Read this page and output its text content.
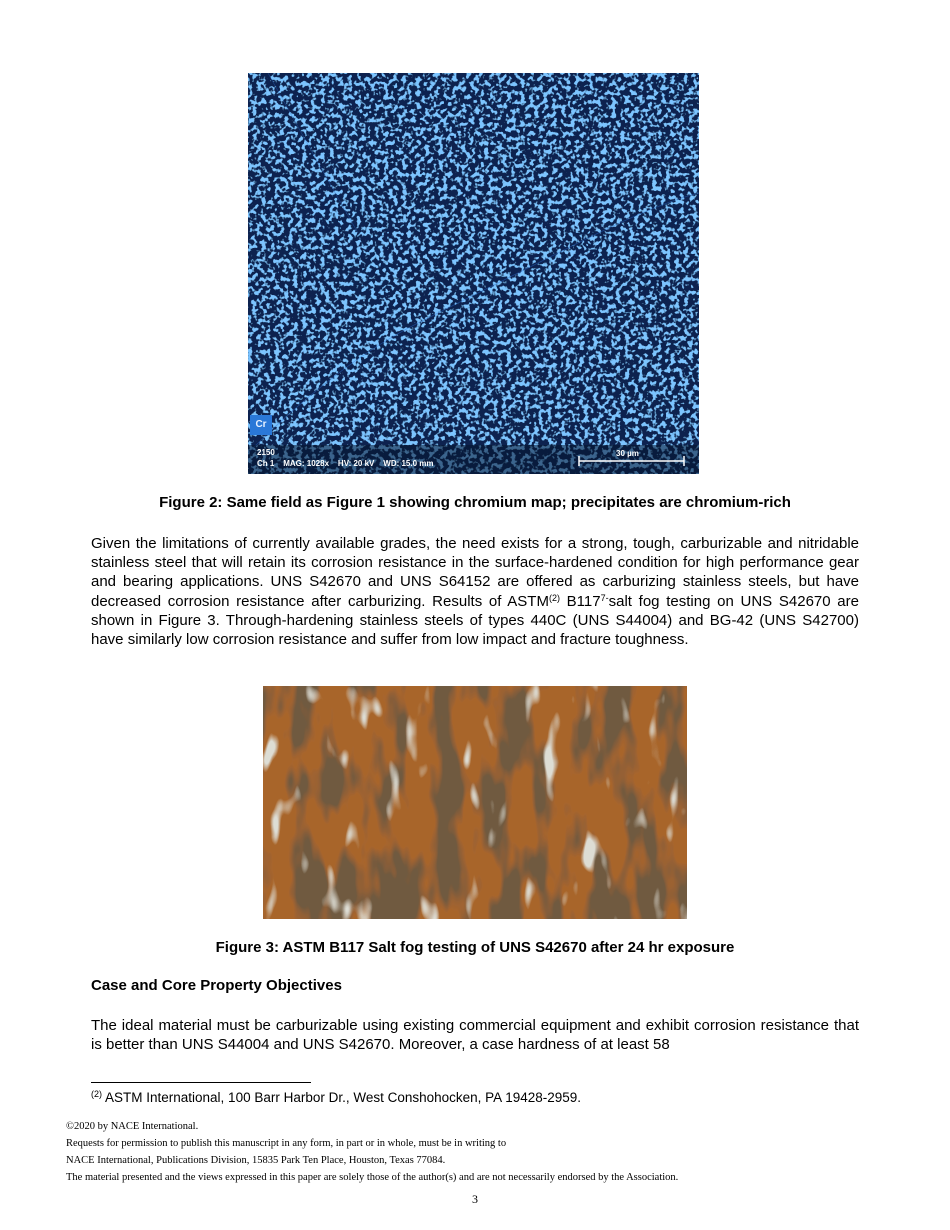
Cr
2150
Ch 1    MAG: 1028x    HV: 20 kV    WD: 15.0 mm
30 µm
Figure 2: Same field as Figure 1 showing chromium map; precipitates are chromium-rich

Given the limitations of currently available grades, the need exists for a strong, tough, carburizable and nitridable stainless steel that will retain its corrosion resistance in the surface-hardened condition for high performance gear and bearing applications. UNS S42670 and UNS S64152 are offered as carburizing stainless steels, but have decreased corrosion resistance after carburizing. Results of ASTM$^{(2)}$ $B117^{7-}salt$ fog testing on UNS S42670 are shown in Figure 3. Through-hardening stainless steels of types 440C (UNS S44004) and BG-42 (UNS S42700) have similarly low corrosion resistance and suffer from low impact and fracture toughness.

Figure 3: ASTM B117 Salt fog testing of UNS S42670 after 24 hr exposure
Case and Core Property Objectives

The ideal material must be carburizable using existing commercial equipment and exhibit corrosion resistance that is better than UNS S44004 and UNS S42670. Moreover, a case hardness of at least 58

$^{(2)}$ ASTM International, 100 Barr Harbor Dr., West Conshohocken, PA 19428-2959.
©2020 by NACE International.
Requests for permission to publish this manuscript in any form, in part or in whole, must be in writing to
NACE International, Publications Division, 15835 Park Ten Place, Houston, Texas 77084.
The material presented and the views expressed in this paper are solely those of the author(s) and are not necessarily endorsed by the Association.
3
